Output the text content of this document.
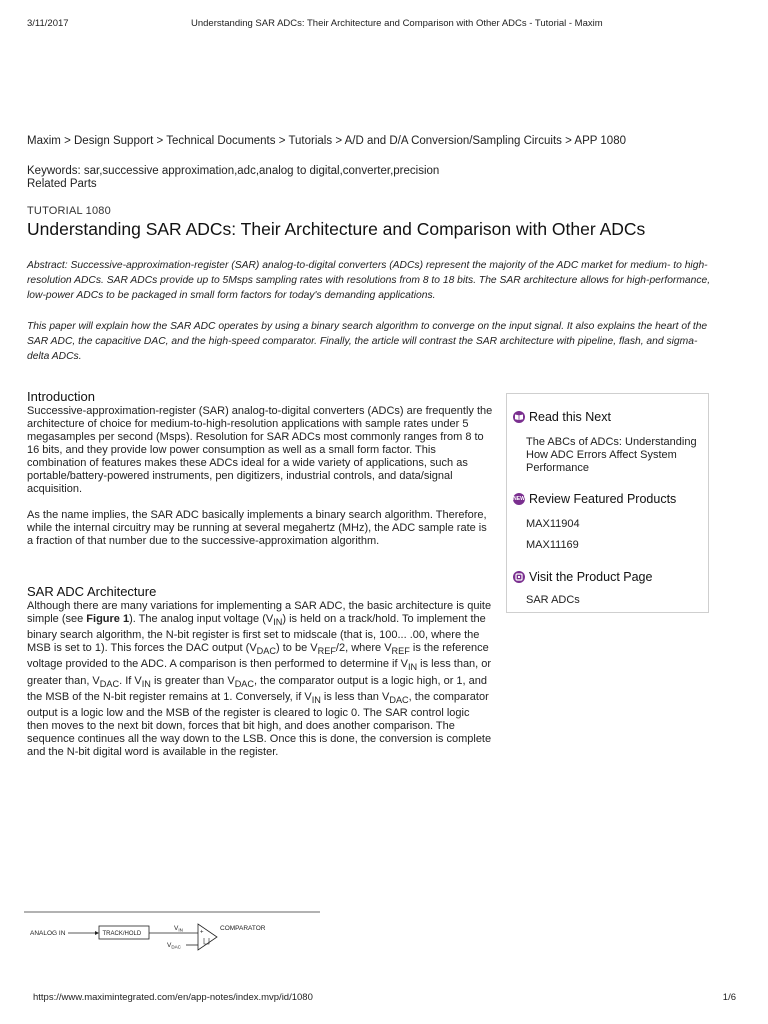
3/11/2017	Understanding SAR ADCs: Their Architecture and Comparison with Other ADCs - Tutorial - Maxim
Maxim > Design Support > Technical Documents > Tutorials > A/D and D/A Conversion/Sampling Circuits > APP 1080
Keywords: sar,successive approximation,adc,analog to digital,converter,precision
Related Parts
TUTORIAL 1080
Understanding SAR ADCs: Their Architecture and Comparison with Other ADCs
Abstract: Successive-approximation-register (SAR) analog-to-digital converters (ADCs) represent the majority of the ADC market for medium- to high-resolution ADCs. SAR ADCs provide up to 5Msps sampling rates with resolutions from 8 to 18 bits. The SAR architecture allows for high-performance, low-power ADCs to be packaged in small form factors for today's demanding applications.
This paper will explain how the SAR ADC operates by using a binary search algorithm to converge on the input signal. It also explains the heart of the SAR ADC, the capacitive DAC, and the high-speed comparator. Finally, the article will contrast the SAR architecture with pipeline, flash, and sigma-delta ADCs.
Introduction
Successive-approximation-register (SAR) analog-to-digital converters (ADCs) are frequently the architecture of choice for medium-to-high-resolution applications with sample rates under 5 megasamples per second (Msps). Resolution for SAR ADCs most commonly ranges from 8 to 16 bits, and they provide low power consumption as well as a small form factor. This combination of features makes these ADCs ideal for a wide variety of applications, such as portable/battery-powered instruments, pen digitizers, industrial controls, and data/signal acquisition.
As the name implies, the SAR ADC basically implements a binary search algorithm. Therefore, while the internal circuitry may be running at several megahertz (MHz), the ADC sample rate is a fraction of that number due to the successive-approximation algorithm.
SAR ADC Architecture
Although there are many variations for implementing a SAR ADC, the basic architecture is quite simple (see Figure 1). The analog input voltage $(V_{IN})$ is held on a track/hold. To implement the binary search algorithm, the N-bit register is first set to midscale (that is, 100... .00, where the MSB is set to 1). This forces the DAC output $(V_{DAC})$ to be $V_{REF}/2$, where $V_{REF}$ is the reference voltage provided to the ADC. A comparison is then performed to determine if $V_{IN}$ is less than, or greater than, $V_{DAC}$. If $V_{IN}$ is greater than $V_{DAC}$, the comparator output is a logic high, or 1, and the MSB of the N-bit register remains at 1. Conversely, if $V_{IN}$ is less than $V_{DAC}$, the comparator output is a logic low and the MSB of the register is cleared to logic 0. The SAR control logic then moves to the next bit down, forces that bit high, and does another comparison. The sequence continues all the way down to the LSB. Once this is done, the conversion is complete and the N-bit digital word is available in the register.
Read this Next
The ABCs of ADCs: Understanding How ADC Errors Affect System Performance
NEW Review Featured Products
MAX11904
MAX11169
Visit the Product Page
SAR ADCs
ANALOG IN	TRACK/HOLD
$V_{IN}$	+
COMPARATOR
$V_{DAC}$
https://www.maximintegrated.com/en/app-notes/index.mvp/id/1080	1/6
